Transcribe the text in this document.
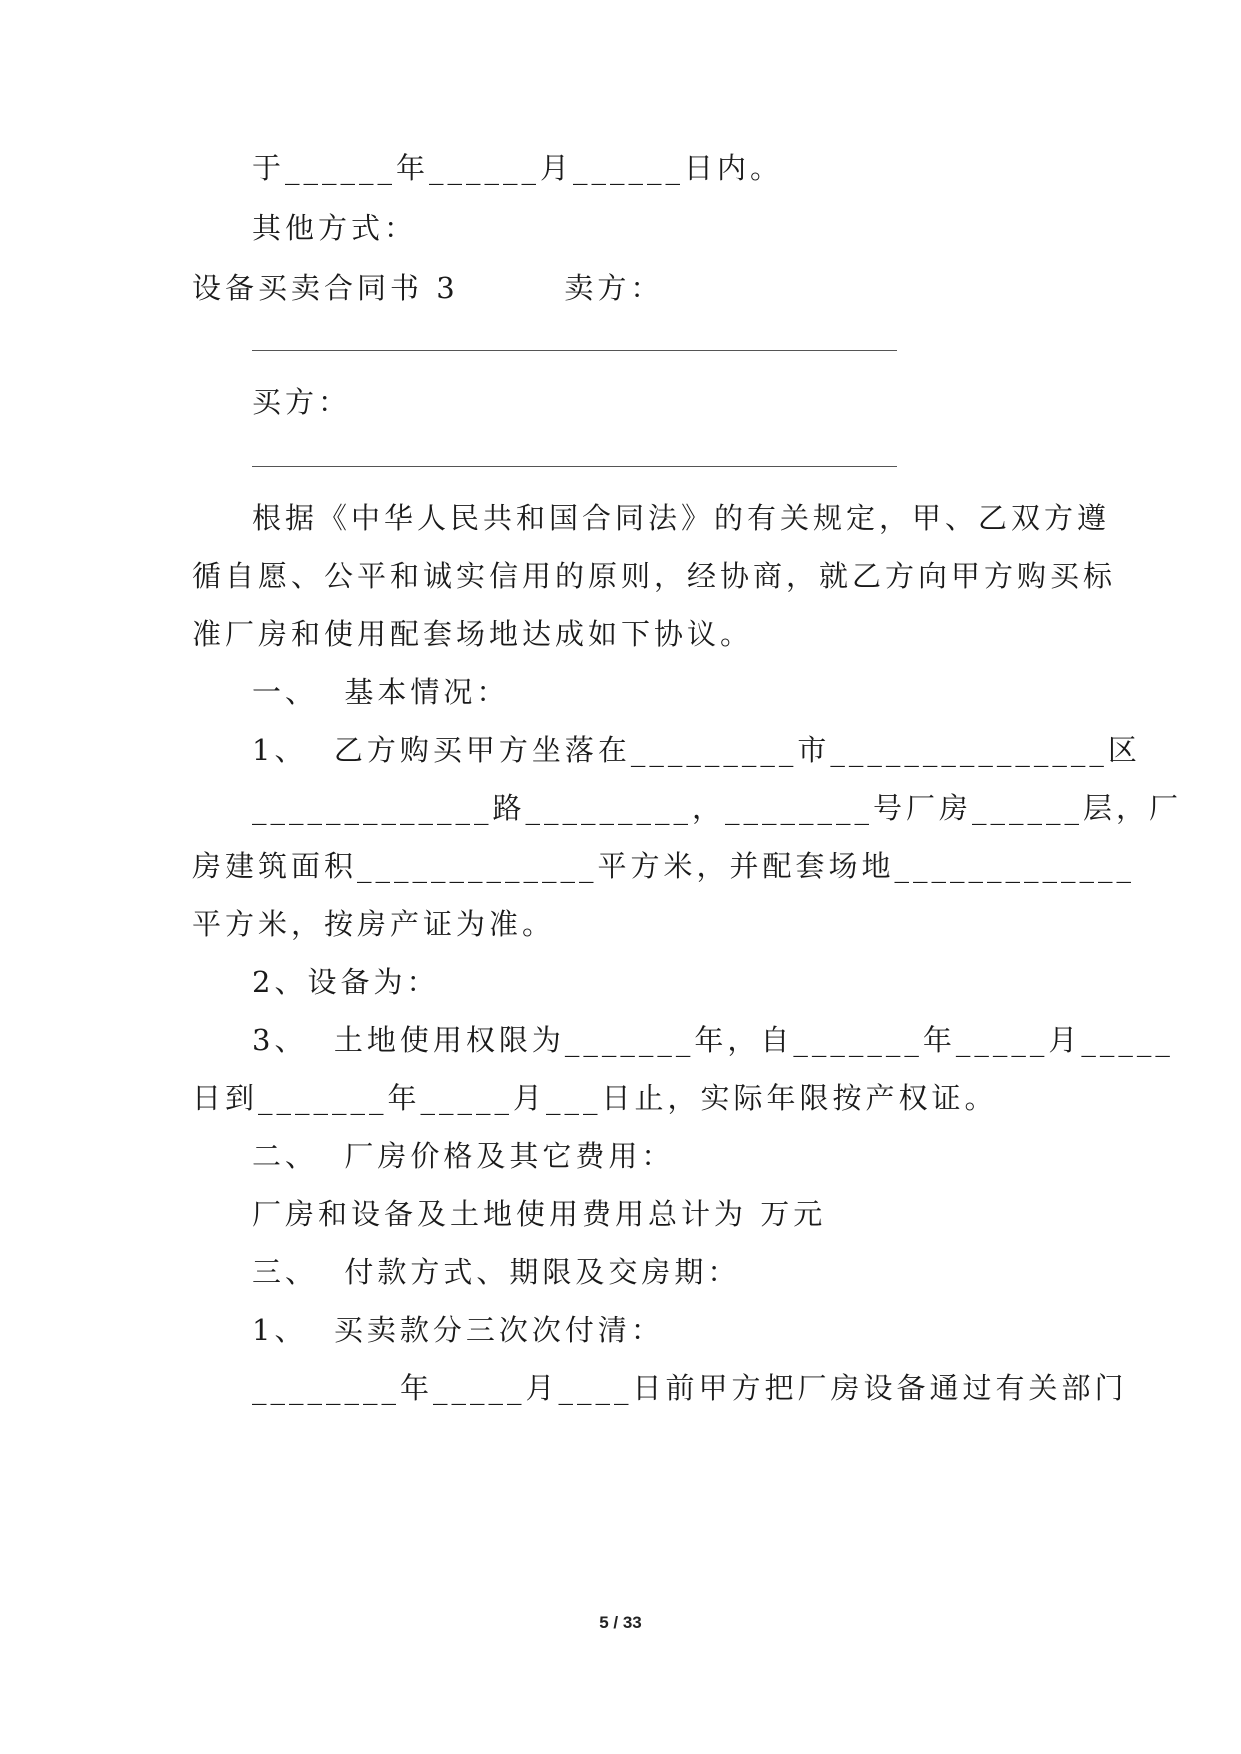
于______年______月______日内。
其他方式：
设备买卖合同书 3        卖方：
买方：
根据《中华人民共和国合同法》的有关规定，甲、乙双方遵
循自愿、公平和诚实信用的原则，经协商，就乙方向甲方购买标
准厂房和使用配套场地达成如下协议。
一、  基本情况：
1、  乙方购买甲方坐落在_________市_______________区
_____________路_________，________号厂房______层，厂
房建筑面积_____________平方米，并配套场地_____________
平方米，按房产证为准。
2、设备为：
3、  土地使用权限为_______年，自_______年_____月_____
日到_______年_____月___日止，实际年限按产权证。
二、  厂房价格及其它费用：
厂房和设备及土地使用费用总计为 万元
三、  付款方式、期限及交房期：
1、  买卖款分三次次付清：
________年_____月____日前甲方把厂房设备通过有关部门
5 / 33
